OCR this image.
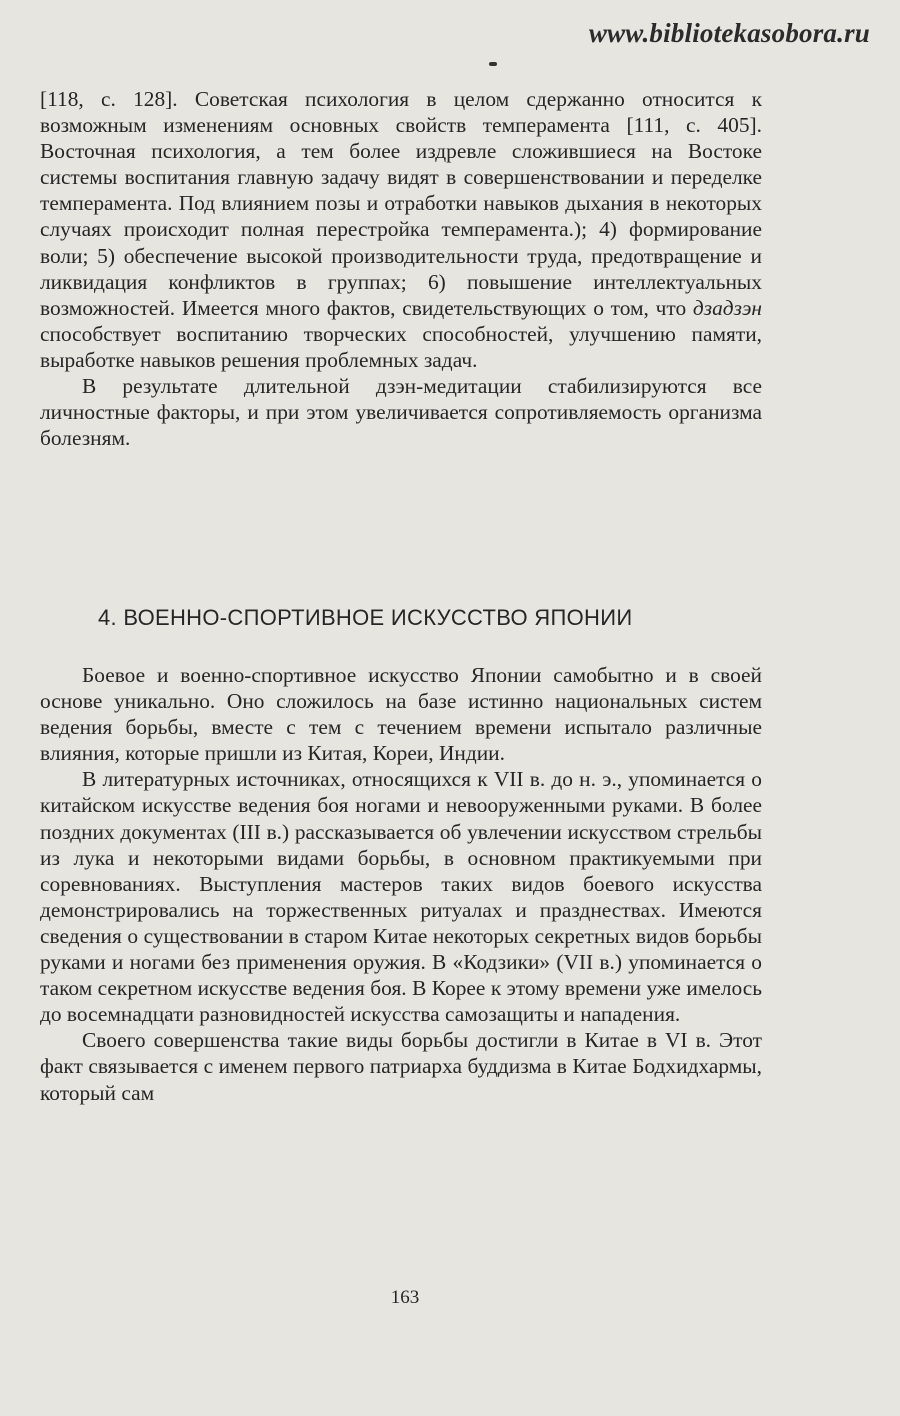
www.bibliotekasobora.ru

[118, с. 128]. Советская психология в целом сдержанно относится к возможным изменениям основных свойств темперамента [111, с. 405]. Восточная психология, а тем более издревле сложившиеся на Востоке системы воспитания главную задачу видят в совершенствовании и переделке темперамента. Под влиянием позы и отработки навыков дыхания в некоторых случаях происходит полная перестройка темперамента.); 4) формирование воли; 5) обеспечение высокой производительности труда, предотвращение и ликвидация конфликтов в группах; 6) повышение интеллектуальных возможностей. Имеется много фактов, свидетельствующих о том, что дзадзэн способствует воспитанию творческих способностей, улучшению памяти, выработке навыков решения проблемных задач.

В результате длительной дзэн-медитации стабилизируются все личностные факторы, и при этом увеличивается сопротивляемость организма болезням.

4. ВОЕННО-СПОРТИВНОЕ ИСКУССТВО ЯПОНИИ

Боевое и военно-спортивное искусство Японии самобытно и в своей основе уникально. Оно сложилось на базе истинно национальных систем ведения борьбы, вместе с тем с течением времени испытало различные влияния, которые пришли из Китая, Кореи, Индии.

В литературных источниках, относящихся к VII в. до н. э., упоминается о китайском искусстве ведения боя ногами и невооруженными руками. В более поздних документах (III в.) рассказывается об увлечении искусством стрельбы из лука и некоторыми видами борьбы, в основном практикуемыми при соревнованиях. Выступления мастеров таких видов боевого искусства демонстрировались на торжественных ритуалах и празднествах. Имеются сведения о существовании в старом Китае некоторых секретных видов борьбы руками и ногами без применения оружия. В «Кодзики» (VII в.) упоминается о таком секретном искусстве ведения боя. В Корее к этому времени уже имелось до восемнадцати разновидностей искусства самозащиты и нападения.

Своего совершенства такие виды борьбы достигли в Китае в VI в. Этот факт связывается с именем первого патриарха буддизма в Китае Бодхидхармы, который сам

163
